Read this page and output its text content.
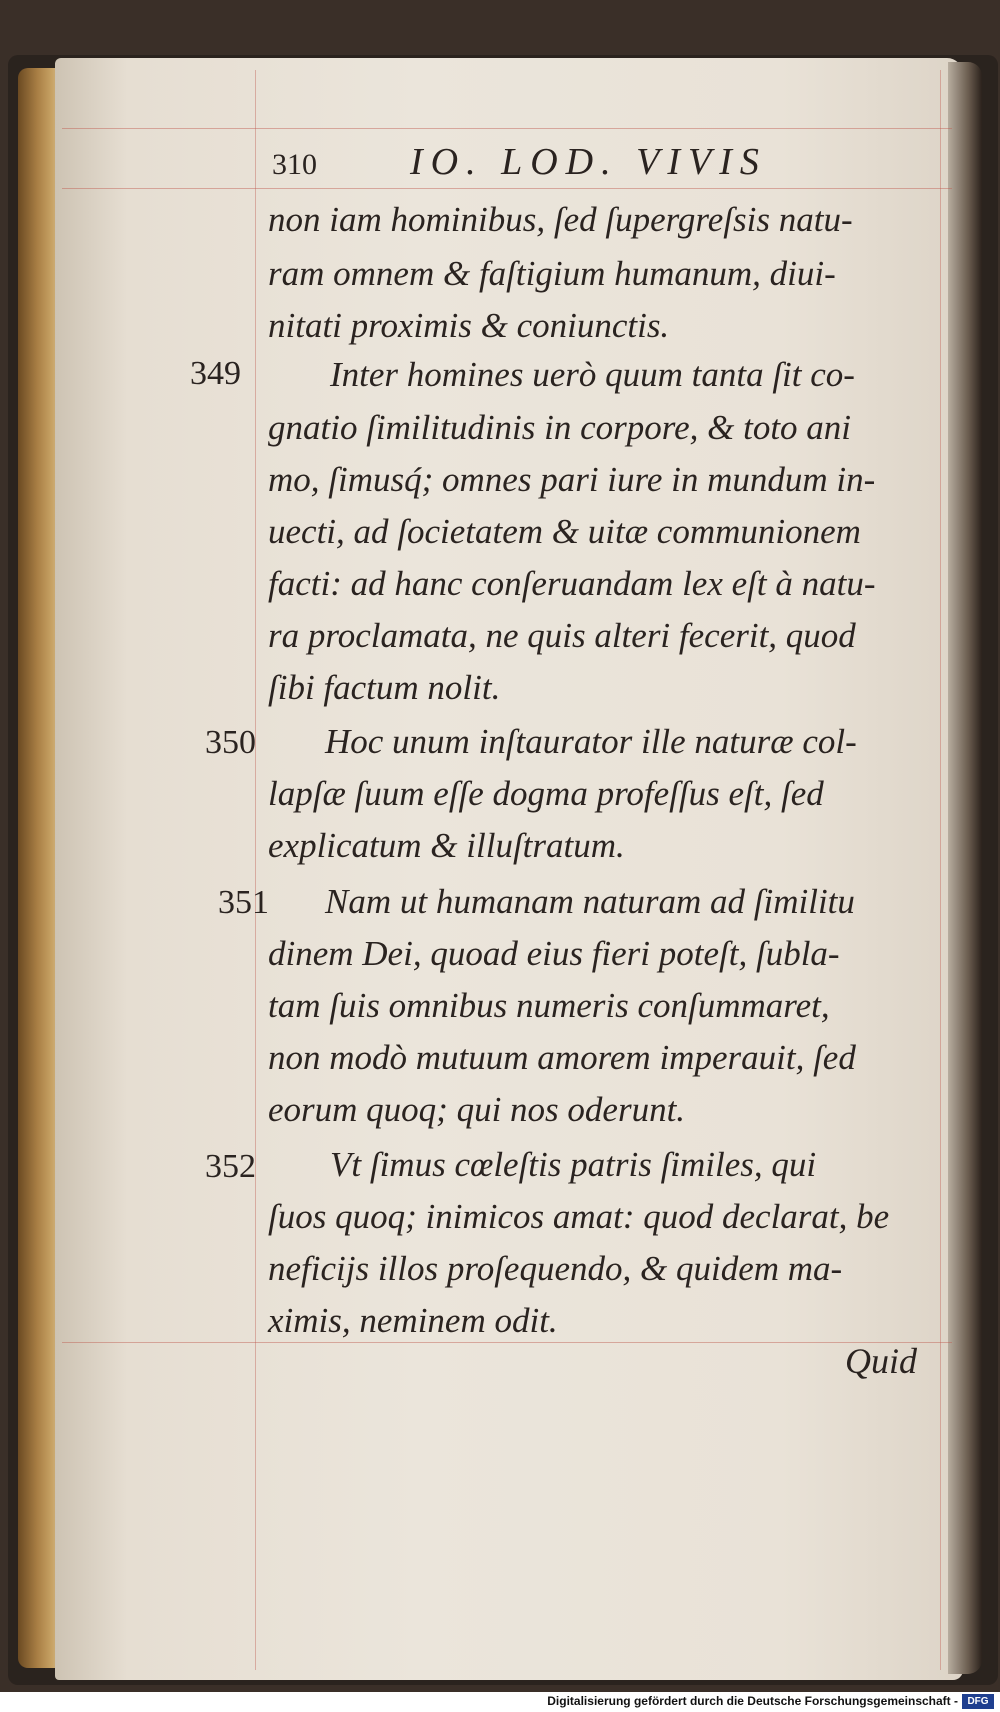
310 IO. LOD. VIVIS
non iam hominibus, ſed ſupergreſsis natu-
ram omnem & faſtigium humanum, diui-
nitati proximis & coniunctis.
349	Inter homines uerò quum tanta ſit co-
gnatio ſimilitudinis in corpore, & toto ani
mo, ſimusq́; omnes pari iure in mundum in-
uecti, ad ſocietatem & uitæ communionem
facti: ad hanc conſeruandam lex eſt à natu-
ra proclamata, ne quis alteri fecerit, quod
ſibi factum nolit.
350 Hoc unum inſtaurator ille naturæ col-
lapſæ ſuum eſſe dogma profeſſus eſt, ſed
explicatum & illuſtratum.
351 Nam ut humanam naturam ad ſimilitu
dinem Dei, quoad eius fieri poteſt, ſubla-
tam ſuis omnibus numeris conſummaret,
non modò mutuum amorem imperauit, ſed
eorum quoq; qui nos oderunt.
352 Vt ſimus cœleſtis patris ſimiles, qui
ſuos quoq; inimicos amat: quod declarat, be
neficijs illos proſequendo, & quidem ma-
ximis, neminem odit.
Quid
Digitalisierung gefördert durch die Deutsche Forschungsgemeinschaft - DFG
